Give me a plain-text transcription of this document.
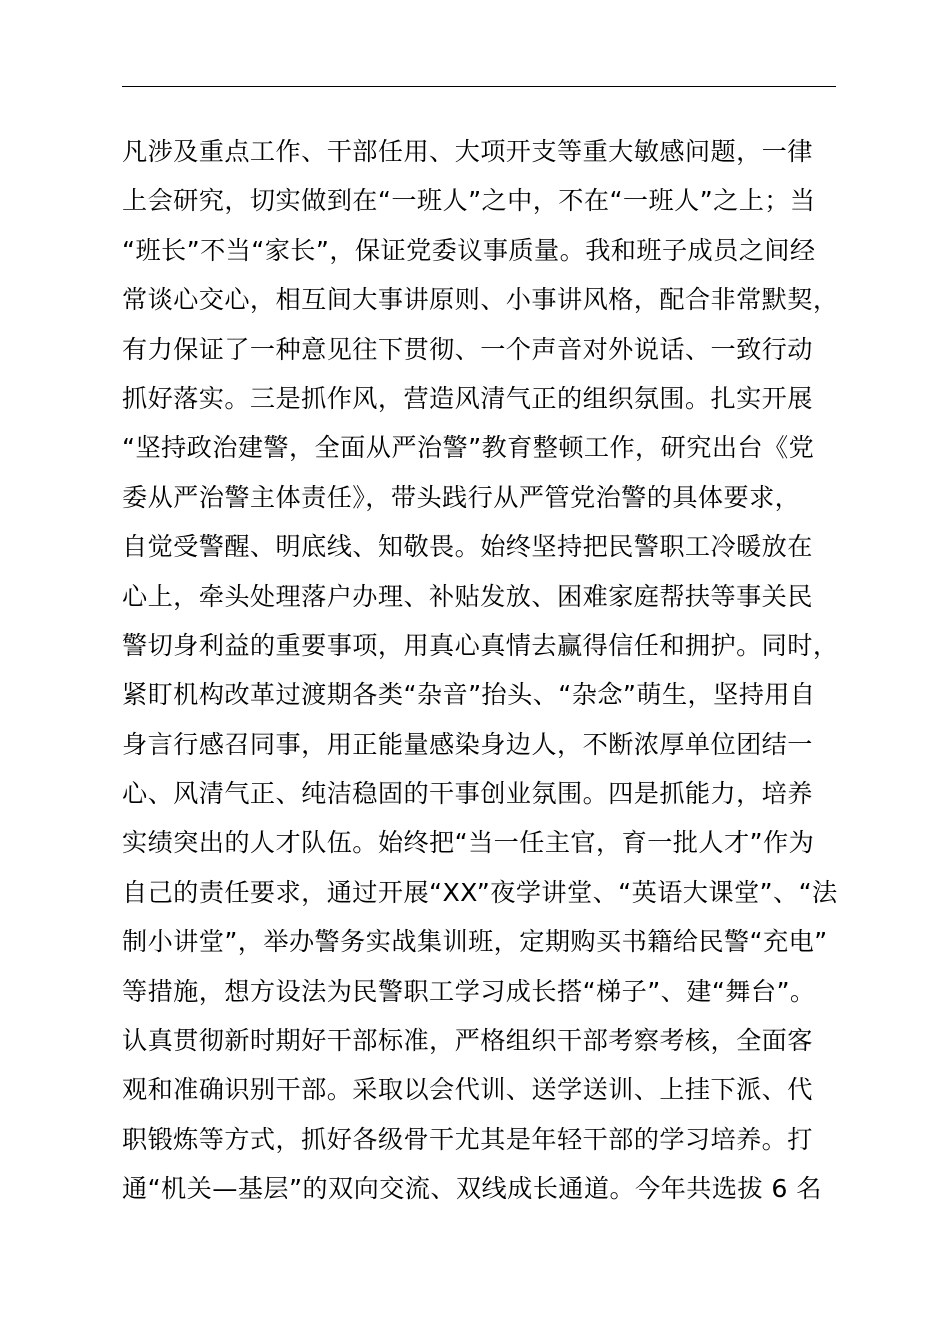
凡涉及重点工作、干部任用、大项开支等重大敏感问题，一律
上会研究，切实做到在“一班人”之中，不在“一班人”之上；当
“班长”不当“家长”，保证党委议事质量。我和班子成员之间经
常谈心交心，相互间大事讲原则、小事讲风格，配合非常默契，
有力保证了一种意见往下贯彻、一个声音对外说话、一致行动
抓好落实。三是抓作风，营造风清气正的组织氛围。扎实开展
“坚持政治建警，全面从严治警”教育整顿工作，研究出台《党
委从严治警主体责任》，带头践行从严管党治警的具体要求，
自觉受警醒、明底线、知敬畏。始终坚持把民警职工冷暖放在
心上，牵头处理落户办理、补贴发放、困难家庭帮扶等事关民
警切身利益的重要事项，用真心真情去赢得信任和拥护。同时，
紧盯机构改革过渡期各类“杂音”抬头、“杂念”萌生，坚持用自
身言行感召同事，用正能量感染身边人，不断浓厚单位团结一
心、风清气正、纯洁稳固的干事创业氛围。四是抓能力，培养
实绩突出的人才队伍。始终把“当一任主官，育一批人才”作为
自己的责任要求，通过开展“XX”夜学讲堂、“英语大课堂”、“法
制小讲堂”，举办警务实战集训班，定期购买书籍给民警“充电”
等措施，想方设法为民警职工学习成长搭“梯子”、建“舞台”。
认真贯彻新时期好干部标准，严格组织干部考察考核，全面客
观和准确识别干部。采取以会代训、送学送训、上挂下派、代
职锻炼等方式，抓好各级骨干尤其是年轻干部的学习培养。打
通“机关—基层”的双向交流、双线成长通道。今年共选拔 6 名
